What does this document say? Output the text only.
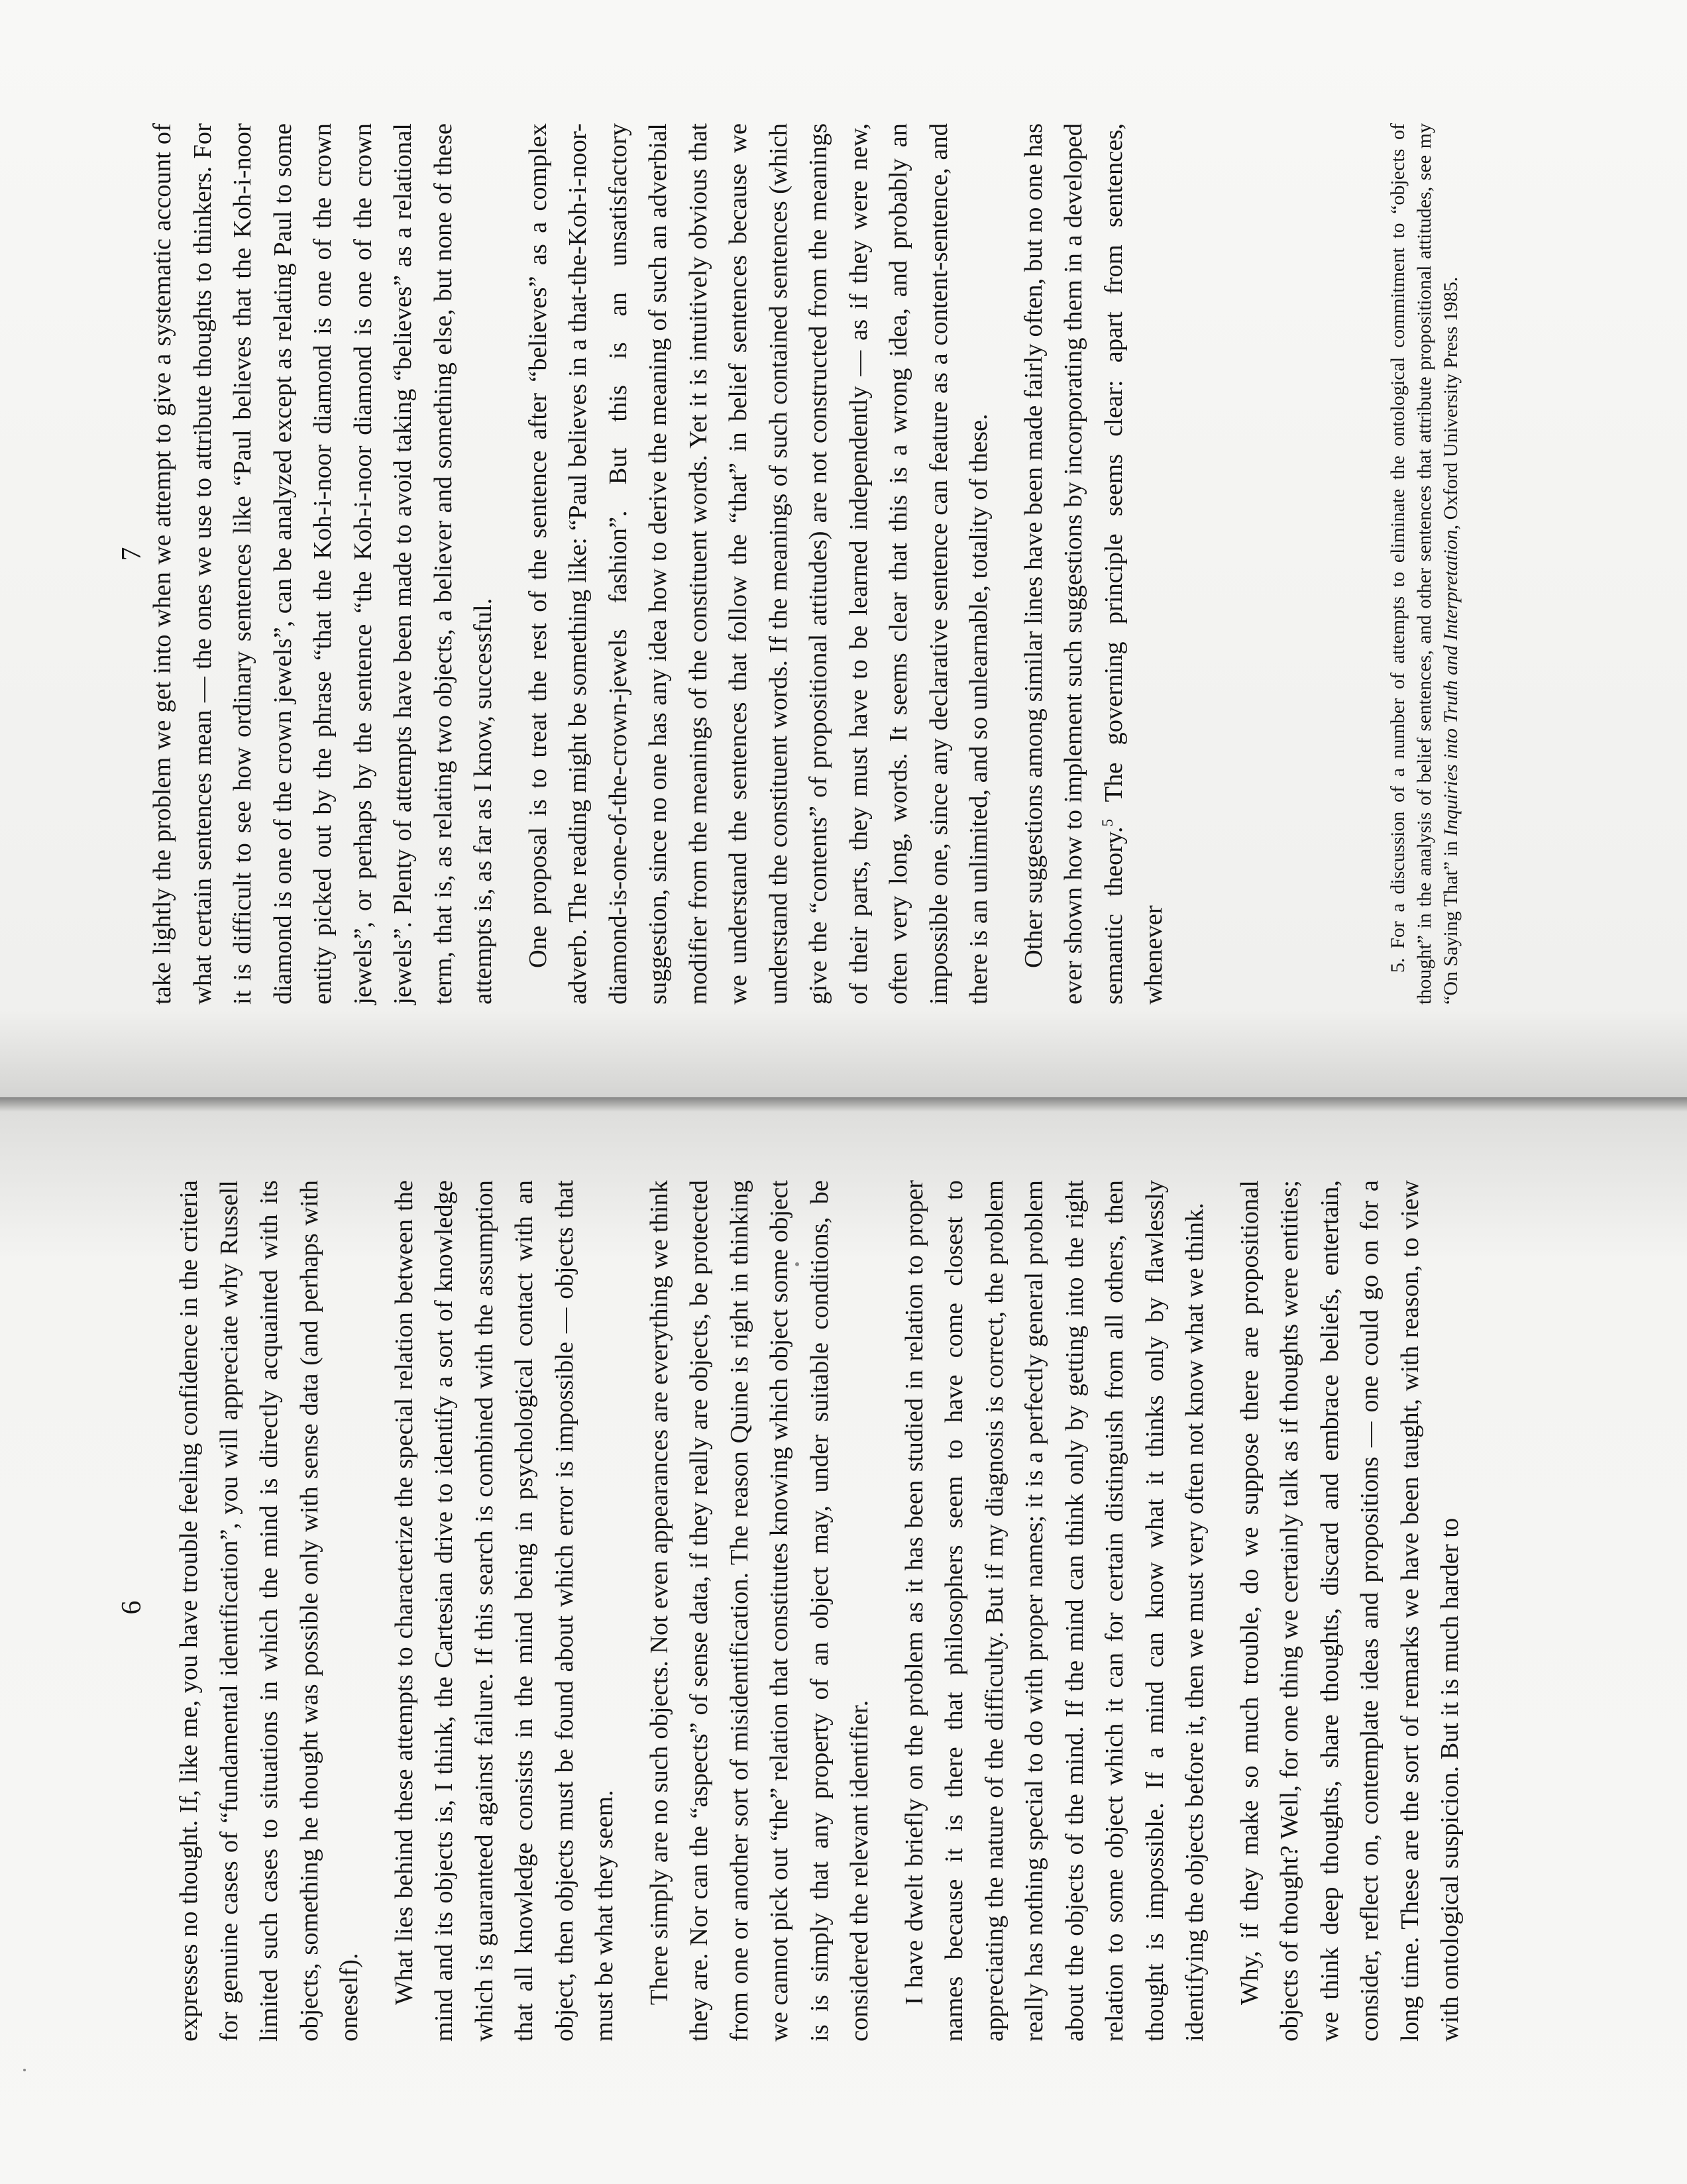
6 expresses no thought. If, like me, you have trouble feeling confidence in the criteria for genuine cases of “fundamental identification”, you will appreciate why Russell limited such cases to situations in which the mind is directly acquainted with its objects, something he thought was possible only with sense data (and perhaps with oneself). What lies behind these attempts to characterize the special relation between the mind and its objects is, I think, the Cartesian drive to identify a sort of knowledge which is guaranteed against failure. If this search is combined with the assumption that all knowledge consists in the mind being in psychological contact with an object, then objects must be found about which error is impossible — objects that must be what they seem. There simply are no such objects. Not even appearances are everything we think they are. Nor can the “aspects” of sense data, if they really are objects, be protected from one or another sort of misidentification. The reason Quine is right in thinking we cannot pick out “the” relation that constitutes knowing which object some object is is simply that any property of an object may, under suitable conditions, be considered the relevant identifier. I have dwelt briefly on the problem as it has been studied in relation to proper names because it is there that philosophers seem to have come closest to appreciating the nature of the difficulty. But if my diagnosis is correct, the problem really has nothing special to do with proper names; it is a perfectly general problem about the objects of the mind. If the mind can think only by getting into the right relation to some object which it can for certain distinguish from all others, then thought is impossible. If a mind can know what it thinks only by flawlessly identifying the objects before it, then we must very often not know what we think. Why, if they make so much trouble, do we suppose there are propositional objects of thought? Well, for one thing we certainly talk as if thoughts were entities; we think deep thoughts, share thoughts, discard and embrace beliefs, entertain, consider, reflect on, contemplate ideas and propositions — one could go on for a long time. These are the sort of remarks we have been taught, with reason, to view with ontological suspicion. But it is much harder to

7 take lightly the problem we get into when we attempt to give a systematic account of what certain sentences mean — the ones we use to attribute thoughts to thinkers. For it is difficult to see how ordinary sentences like “Paul believes that the Koh-i-noor diamond is one of the crown jewels”, can be analyzed except as relating Paul to some entity picked out by the phrase “that the Koh-i-noor diamond is one of the crown jewels”, or perhaps by the sentence “the Koh-i-noor diamond is one of the crown jewels”. Plenty of attempts have been made to avoid taking “believes” as a relational term, that is, as relating two objects, a believer and something else, but none of these attempts is, as far as I know, successful. One proposal is to treat the rest of the sentence after “believes” as a complex adverb. The reading might be something like: “Paul believes in a that-the-Koh-i-noor-diamond-is-one-of-the-crown-jewels fashion”. But this is an unsatisfactory suggestion, since no one has any idea how to derive the meaning of such an adverbial modifier from the meanings of the constituent words. Yet it is intuitively obvious that we understand the sentences that follow the “that” in belief sentences because we understand the constituent words. If the meanings of such contained sentences (which give the “contents” of propositional attitudes) are not constructed from the meanings of their parts, they must have to be learned independently — as if they were new, often very long, words. It seems clear that this is a wrong idea, and probably an impossible one, since any declarative sentence can feature as a content-sentence, and there is an unlimited, and so unlearnable, totality of these. Other suggestions among similar lines have been made fairly often, but no one has ever shown how to implement such suggestions by incorporating them in a developed semantic theory.$^5$ The governing principle seems clear: apart from sentences, whenever	5. For a discussion of a number of attempts to eliminate the ontological commitment to “objects of thought” in the analysis of belief sentences, and other sentences that attribute propositional attitudes, see my “On Saying That” in Inquiries into Truth and Interpretation, Oxford University Press 1985.
